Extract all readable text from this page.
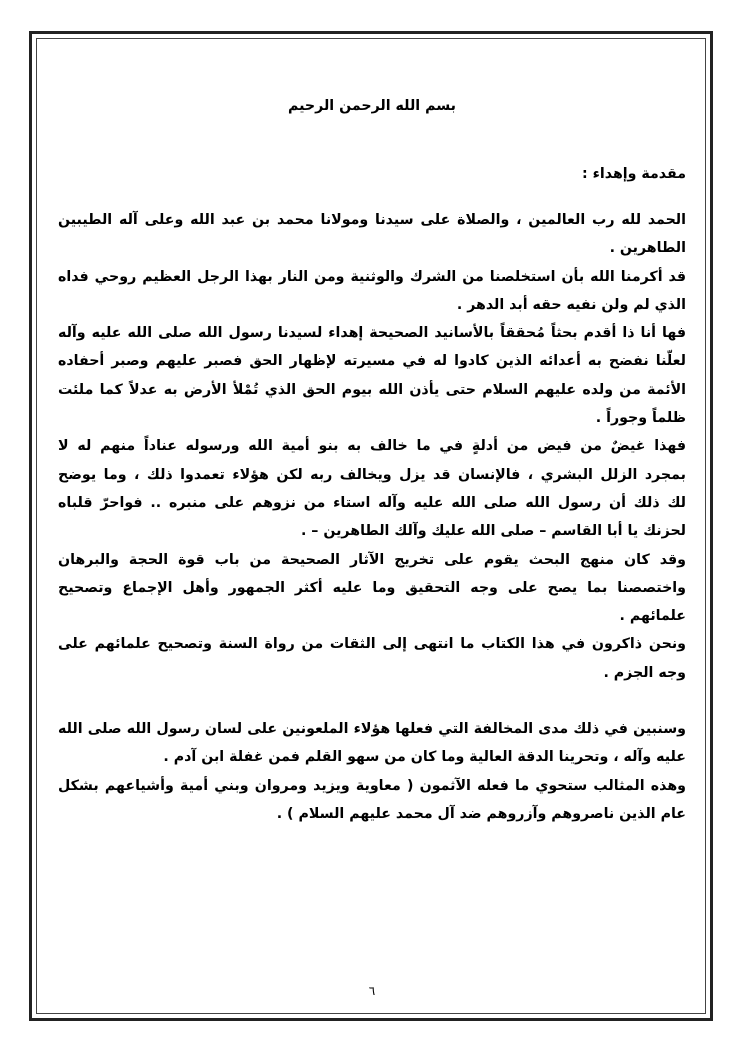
بسم الله الرحمن الرحيم
مقدمة وإهداء :
الحمد لله رب العالمين ، والصلاة على سيدنا ومولانا محمد بن عبد الله وعلى آله الطيبين
الطاهرين .
قد أكرمنا الله بأن استخلصنا من الشرك والوثنية ومن النار بهذا الرجل العظيم روحي فداه
الذي لم ولن نفيه حقه أبد الدهر .
فها أنا ذا أقدم بحثاً مُحققاً بالأسانيد الصحيحة إهداء لسيدنا رسول الله صلى الله عليه وآله
لعلّنا نفضح به أعدائه الذين كادوا له في مسيرته لإظهار الحق فصبر عليهم وصبر أحفاده
الأئمة من ولده عليهم السلام حتى يأذن الله بيوم الحق الذي تُمْلأ الأرض به عدلاً كما ملئت
ظلماً وجوراً .
فهذا غيضٌ من فيض من أدلةٍ في ما خالف به بنو أمية الله ورسوله عناداً منهم له لا
بمجرد الزلل البشري ، فالإنسان قد يزل ويخالف ربه لكن هؤلاء تعمدوا ذلك ، وما يوضح
لك ذلك أن رسول الله صلى الله عليه وآله استاء من نزوهم على منبره .. فواحرّ قلباه
لحزنك يا أبا القاسم – صلى الله عليك وآلك الطاهرين – .
وقد كان منهج البحث يقوم على تخريج الآثار الصحيحة من باب قوة الحجة والبرهان
واختصصنا بما يصح على وجه التحقيق وما عليه أكثر الجمهور وأهل الإجماع وتصحيح
علمائهم .
ونحن ذاكرون في هذا الكتاب ما انتهى إلى الثقات من رواة السنة وتصحيح علمائهم على
وجه الجزم .
وسنبين في ذلك مدى المخالفة التي فعلها هؤلاء الملعونين على لسان رسول الله صلى الله
عليه وآله ، وتحرينا الدقة العالية وما كان من سهو القلم فمن غفلة ابن آدم .
وهذه المثالب ستحوي ما فعله الآثمون ( معاوية ويزيد ومروان وبني أمية وأشياعهم بشكل
عام الذين ناصروهم وآزروهم ضد آل محمد عليهم السلام ) .
٦
